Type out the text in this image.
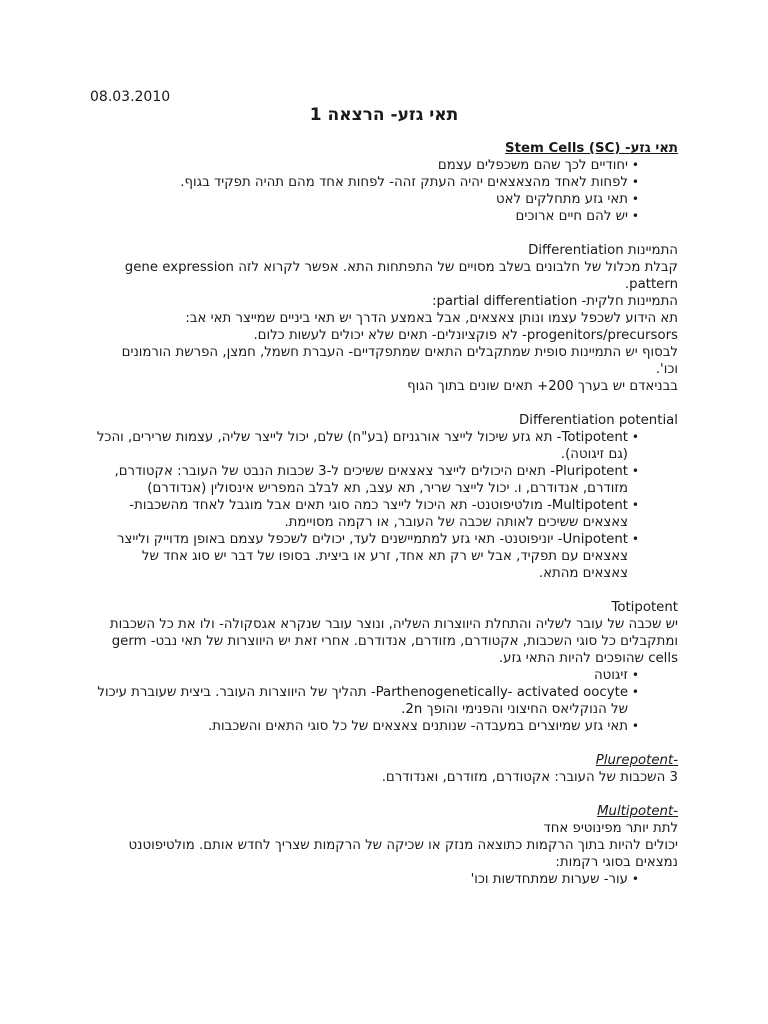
08.03.2010
תאי גזע- הרצאה 1

תאי גזע- (Stem Cells (SC

• יחודיים לכך שהם משכפלים עצמם
• לפחות לאחד מהצאצאים יהיה העתק זהה- לפחות אחד מהם תהיה תפקיד בגוף.
• תאי גזע מתחלקים לאט
• יש להם חיים ארוכים

התמיינות Differentiation

קבלת מכלול של חלבונים בשלב מסויים של התפתחות התא. אפשר לקרוא לזה gene expression pattern.

התמיינות חלקית- partial differentiation:

תא הידוע לשכפל עצמו ונותן צאצאים, אבל באמצע הדרך יש תאי ביניים שמייצר תאי אב:

progenitors/precursors- לא פוקציונלים- תאים שלא יכולים לעשות כלום.

לבסוף יש התמיינות סופית שמתקבלים התאים שמתפקדיים- העברת חשמל, חמצן, הפרשת הורמונים וכו'.

בבניאדם יש בערך 200+ תאים שונים בתוך הגוף

Differentiation potential

• Totipotent- תא גזע שיכול לייצר אורגניזם (בע"ח) שלם, יכול לייצר שליה, עצמות שרירים, והכל (גם זיגוטה).
• Pluripotent- תאים היכולים לייצר צאצאים ששיכים ל-3 שכבות הנבט של העובר: אקטודרם, מזודרם, אנדודרם, ו. יכול לייצר שריר, תא עצב, תא לבלב המפריש אינסולין (אנדודרם)
• Multipotent- מולטיפוטנט- תא היכול לייצר כמה סוגי תאים אבל מוגבל לאחד מהשכבות- צאצאים ששיכים לאותה שכבה של העובר, או רקמה מסויימת.
• Unipotent- יוניפוטנט- תאי גזע למתמיישנים לעד, יכולים לשכפל עצמם באופן מדוייק ולייצר צאצאים עם תפקיד, אבל יש רק תא אחד, זרע או ביצית. בסופו של דבר יש סוג אחד של צאצאים מהתא.

Totipotent

יש שכבה של עובר לשליה והתחלת היווצרות השליה, ונוצר עובר שנקרא אגסקולה- ולו את כל השכבות ומתקבלים כל סוגי השכבות, אקטודרם, מזודרם, אנדודרם. אחרי זאת יש היווצרות של תאי נבט- germ cells שהופכים להיות התאי גזע.

• זיגוטה
• Parthenogenetically- activated oocyte- תהליך של היווצרות העובר. ביצית שעוברת עיכול של הנוקליאס החיצוני והפנימי והופך 2n.
• תאי גזע שמיוצרים במעבדה- שנותנים צאצאים של כל סוגי התאים והשכבות.

-Plurepotent

3 השכבות של העובר: אקטודרם, מזודרם, ואנדודרם.

-Multipotent

לתת יותר מפינוטיפ אחד

יכולים להיות בתוך הרקמות כתוצאה מנזק או שכיקה של הרקמות שצריך לחדש אותם. מולטיפוטנט נמצאים בסוגי רקמות:

• עור- שערות שמתחדשות וכו'
